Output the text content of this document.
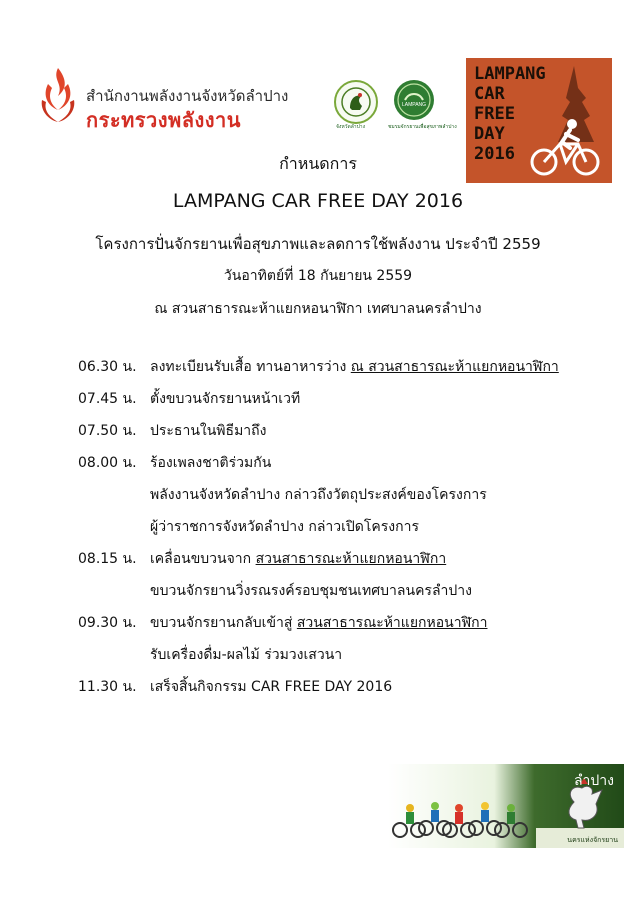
สำนักงานพลังงานจังหวัดลำปาง
กระทรวงพลังงาน	จังหวัดลำปาง
LAMPANG
ชมรมจักรยานเพื่อสุขภาพลำปาง
LAMPANG
CAR
FREE
DAY
2016
กำหนดการ
LAMPANG CAR FREE DAY 2016
โครงการปั่นจักรยานเพื่อสุขภาพและลดการใช้พลังงาน ประจำปี 2559
วันอาทิตย์ที่ 18 กันยายน 2559
ณ สวนสาธารณะห้าแยกหอนาฬิกา เทศบาลนครลำปาง
06.30 น. ลงทะเบียนรับเสื้อ ทานอาหารว่าง ณ สวนสาธารณะห้าแยกหอนาฬิกา
07.45 น. ตั้งขบวนจักรยานหน้าเวที
07.50 น. ประธานในพิธีมาถึง
08.00 น. ร้องเพลงชาติร่วมกัน
พลังงานจังหวัดลำปาง กล่าวถึงวัตถุประสงค์ของโครงการ
ผู้ว่าราชการจังหวัดลำปาง กล่าวเปิดโครงการ
08.15 น. เคลื่อนขบวนจาก สวนสาธารณะห้าแยกหอนาฬิกา
ขบวนจักรยานวิ่งรณรงค์รอบชุมชนเทศบาลนครลำปาง
09.30 น. ขบวนจักรยานกลับเข้าสู่ สวนสาธารณะห้าแยกหอนาฬิกา
รับเครื่องดื่ม-ผลไม้ ร่วมวงเสวนา
11.30 น. เสร็จสิ้นกิจกรรม CAR FREE DAY 2016
ลำปาง
นครแห่งจักรยาน
